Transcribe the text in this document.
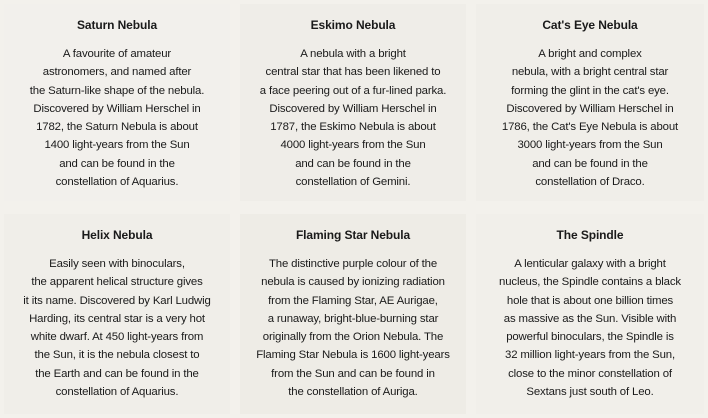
Saturn Nebula
A favourite of amateur
astronomers, and named after
the Saturn-like shape of the nebula.
Discovered by William Herschel in
1782, the Saturn Nebula is about
1400 light-years from the Sun
and can be found in the
constellation of Aquarius.
Eskimo Nebula
A nebula with a bright
central star that has been likened to
a face peering out of a fur-lined parka.
Discovered by William Herschel in
1787, the Eskimo Nebula is about
4000 light-years from the Sun
and can be found in the
constellation of Gemini.
Cat's Eye Nebula
A bright and complex
nebula, with a bright central star
forming the glint in the cat's eye.
Discovered by William Herschel in
1786, the Cat's Eye Nebula is about
3000 light-years from the Sun
and can be found in the
constellation of Draco.
Helix Nebula
Easily seen with binoculars,
the apparent helical structure gives
it its name. Discovered by Karl Ludwig
Harding, its central star is a very hot
white dwarf. At 450 light-years from
the Sun, it is the nebula closest to
the Earth and can be found in the
constellation of Aquarius.
Flaming Star Nebula
The distinctive purple colour of the
nebula is caused by ionizing radiation
from the Flaming Star, AE Aurigae,
a runaway, bright-blue-burning star
originally from the Orion Nebula. The
Flaming Star Nebula is 1600 light-years
from the Sun and can be found in
the constellation of Auriga.
The Spindle
A lenticular galaxy with a bright
nucleus, the Spindle contains a black
hole that is about one billion times
as massive as the Sun. Visible with
powerful binoculars, the Spindle is
32 million light-years from the Sun,
close to the minor constellation of
Sextans just south of Leo.
